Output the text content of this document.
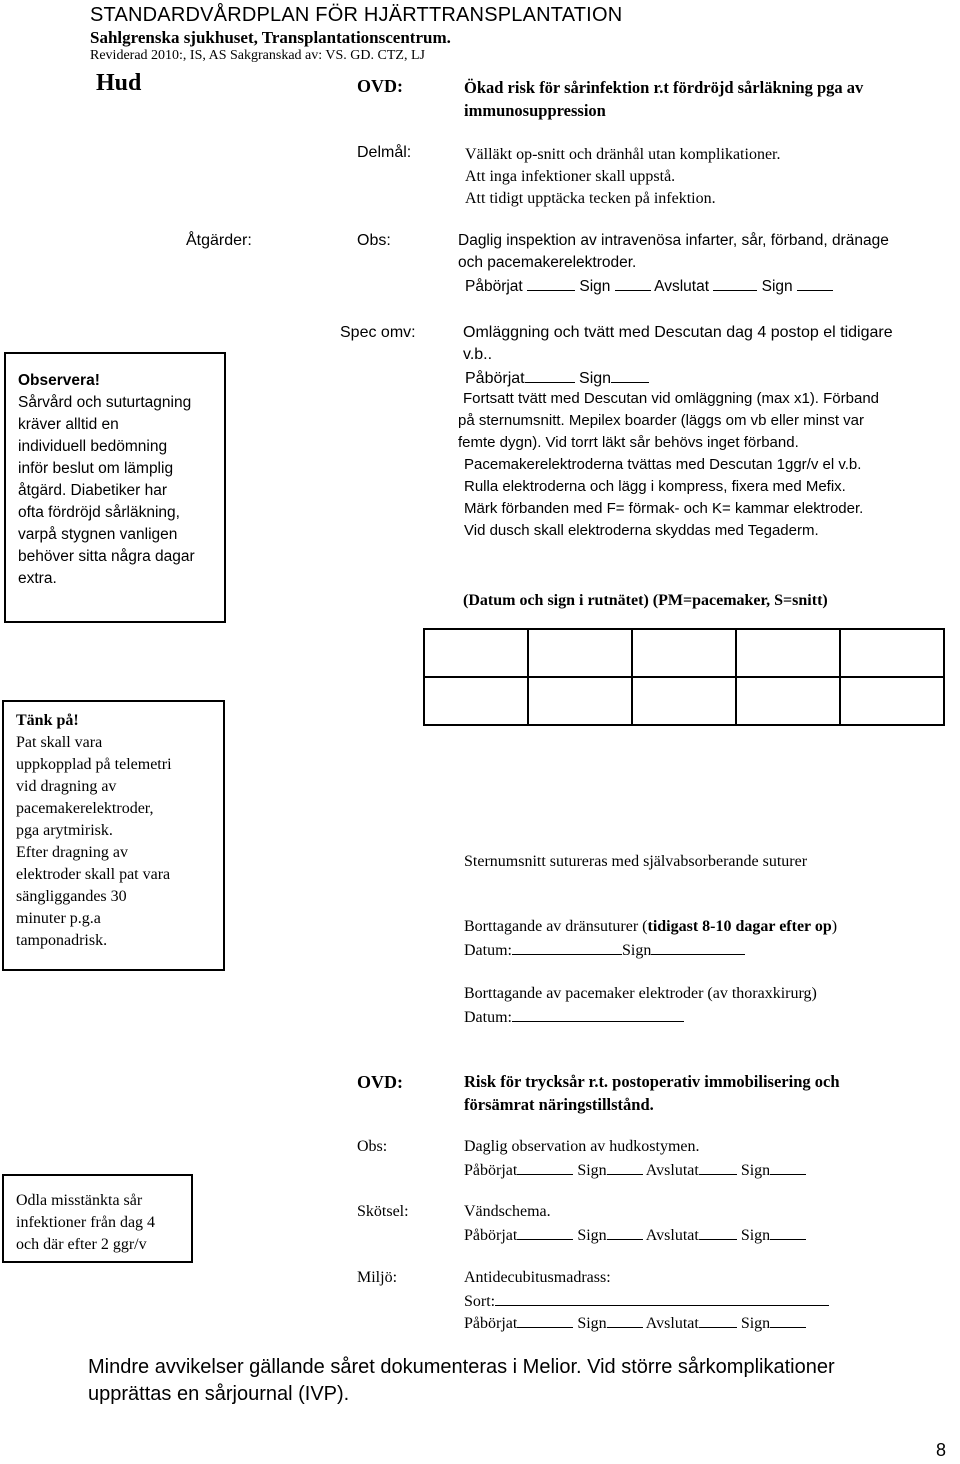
STANDARDVÅRDPLAN FÖR HJÄRTTRANSPLANTATION
Sahlgrenska sjukhuset, Transplantationscentrum.
Reviderad 2010:, IS, AS Sakgranskad av: VS. GD. CTZ, LJ
Hud	OVD:	Ökad risk för sårinfektion r.t fördröjd sårläkning pga av
immunosuppression
Delmål:	Välläkt op-snitt och dränhål utan komplikationer.
Att inga infektioner skall uppstå.
Att tidigt upptäcka tecken på infektion.
Åtgärder:	Obs:	Daglig inspektion av intravenösa infarter, sår, förband, dränage
och pacemakerelektroder.
Påbörjat	Sign	Avslutat	Sign
Spec omv:	Omläggning och tvätt med Descutan dag 4 postop el tidigare
v.b..
Påbörjat	Sign
Fortsatt tvätt med Descutan vid omläggning (max x1). Förband
på sternumsnitt. Mepilex boarder (läggs om vb eller minst var
femte dygn). Vid torrt läkt sår behövs inget förband.
Pacemakerelektroderna tvättas med Descutan 1ggr/v el v.b.
Rulla elektroderna och lägg i kompress, fixera med Mefix.
Märk förbanden med F= förmak- och K= kammar elektroder.
Vid dusch skall elektroderna skyddas med Tegaderm.
(Datum och sign i rutnätet) (PM=pacemaker, S=snitt)
Observera!
Sårvård och suturtagning
kräver alltid en
individuell bedömning
inför beslut om lämplig
åtgärd. Diabetiker har
ofta fördröjd sårläkning,
varpå stygnen vanligen
behöver sitta några dagar
extra.
Tänk på!
Pat skall vara
uppkopplad på telemetri
vid dragning av
pacemakerelektroder,
pga arytmirisk.
Efter dragning av
elektroder skall pat vara
sängliggandes 30
minuter p.g.a
tamponadrisk.
Sternumsnitt sutureras med självabsorberande suturer
Borttagande av dränsuturer (tidigast 8-10 dagar efter op)
Datum:	Sign
Borttagande av pacemaker elektroder (av thoraxkirurg)
Datum:
OVD:	Risk för trycksår r.t. postoperativ immobilisering och
försämrat näringstillstånd.
Obs:	Daglig observation av hudkostymen.
Påbörjat	Sign Avslutat	Sign
Skötsel:	Vändschema.
Påbörjat	Sign Avslutat	Sign
Miljö:	Antidecubitusmadrass:
Sort:
Påbörjat	Sign Avslutat	Sign
Odla misstänkta sår
infektioner från dag 4
och där efter 2 ggr/v
Mindre avvikelser gällande såret dokumenteras i Melior. Vid större sårkomplikationer
upprättas en sårjournal (IVP).
8
